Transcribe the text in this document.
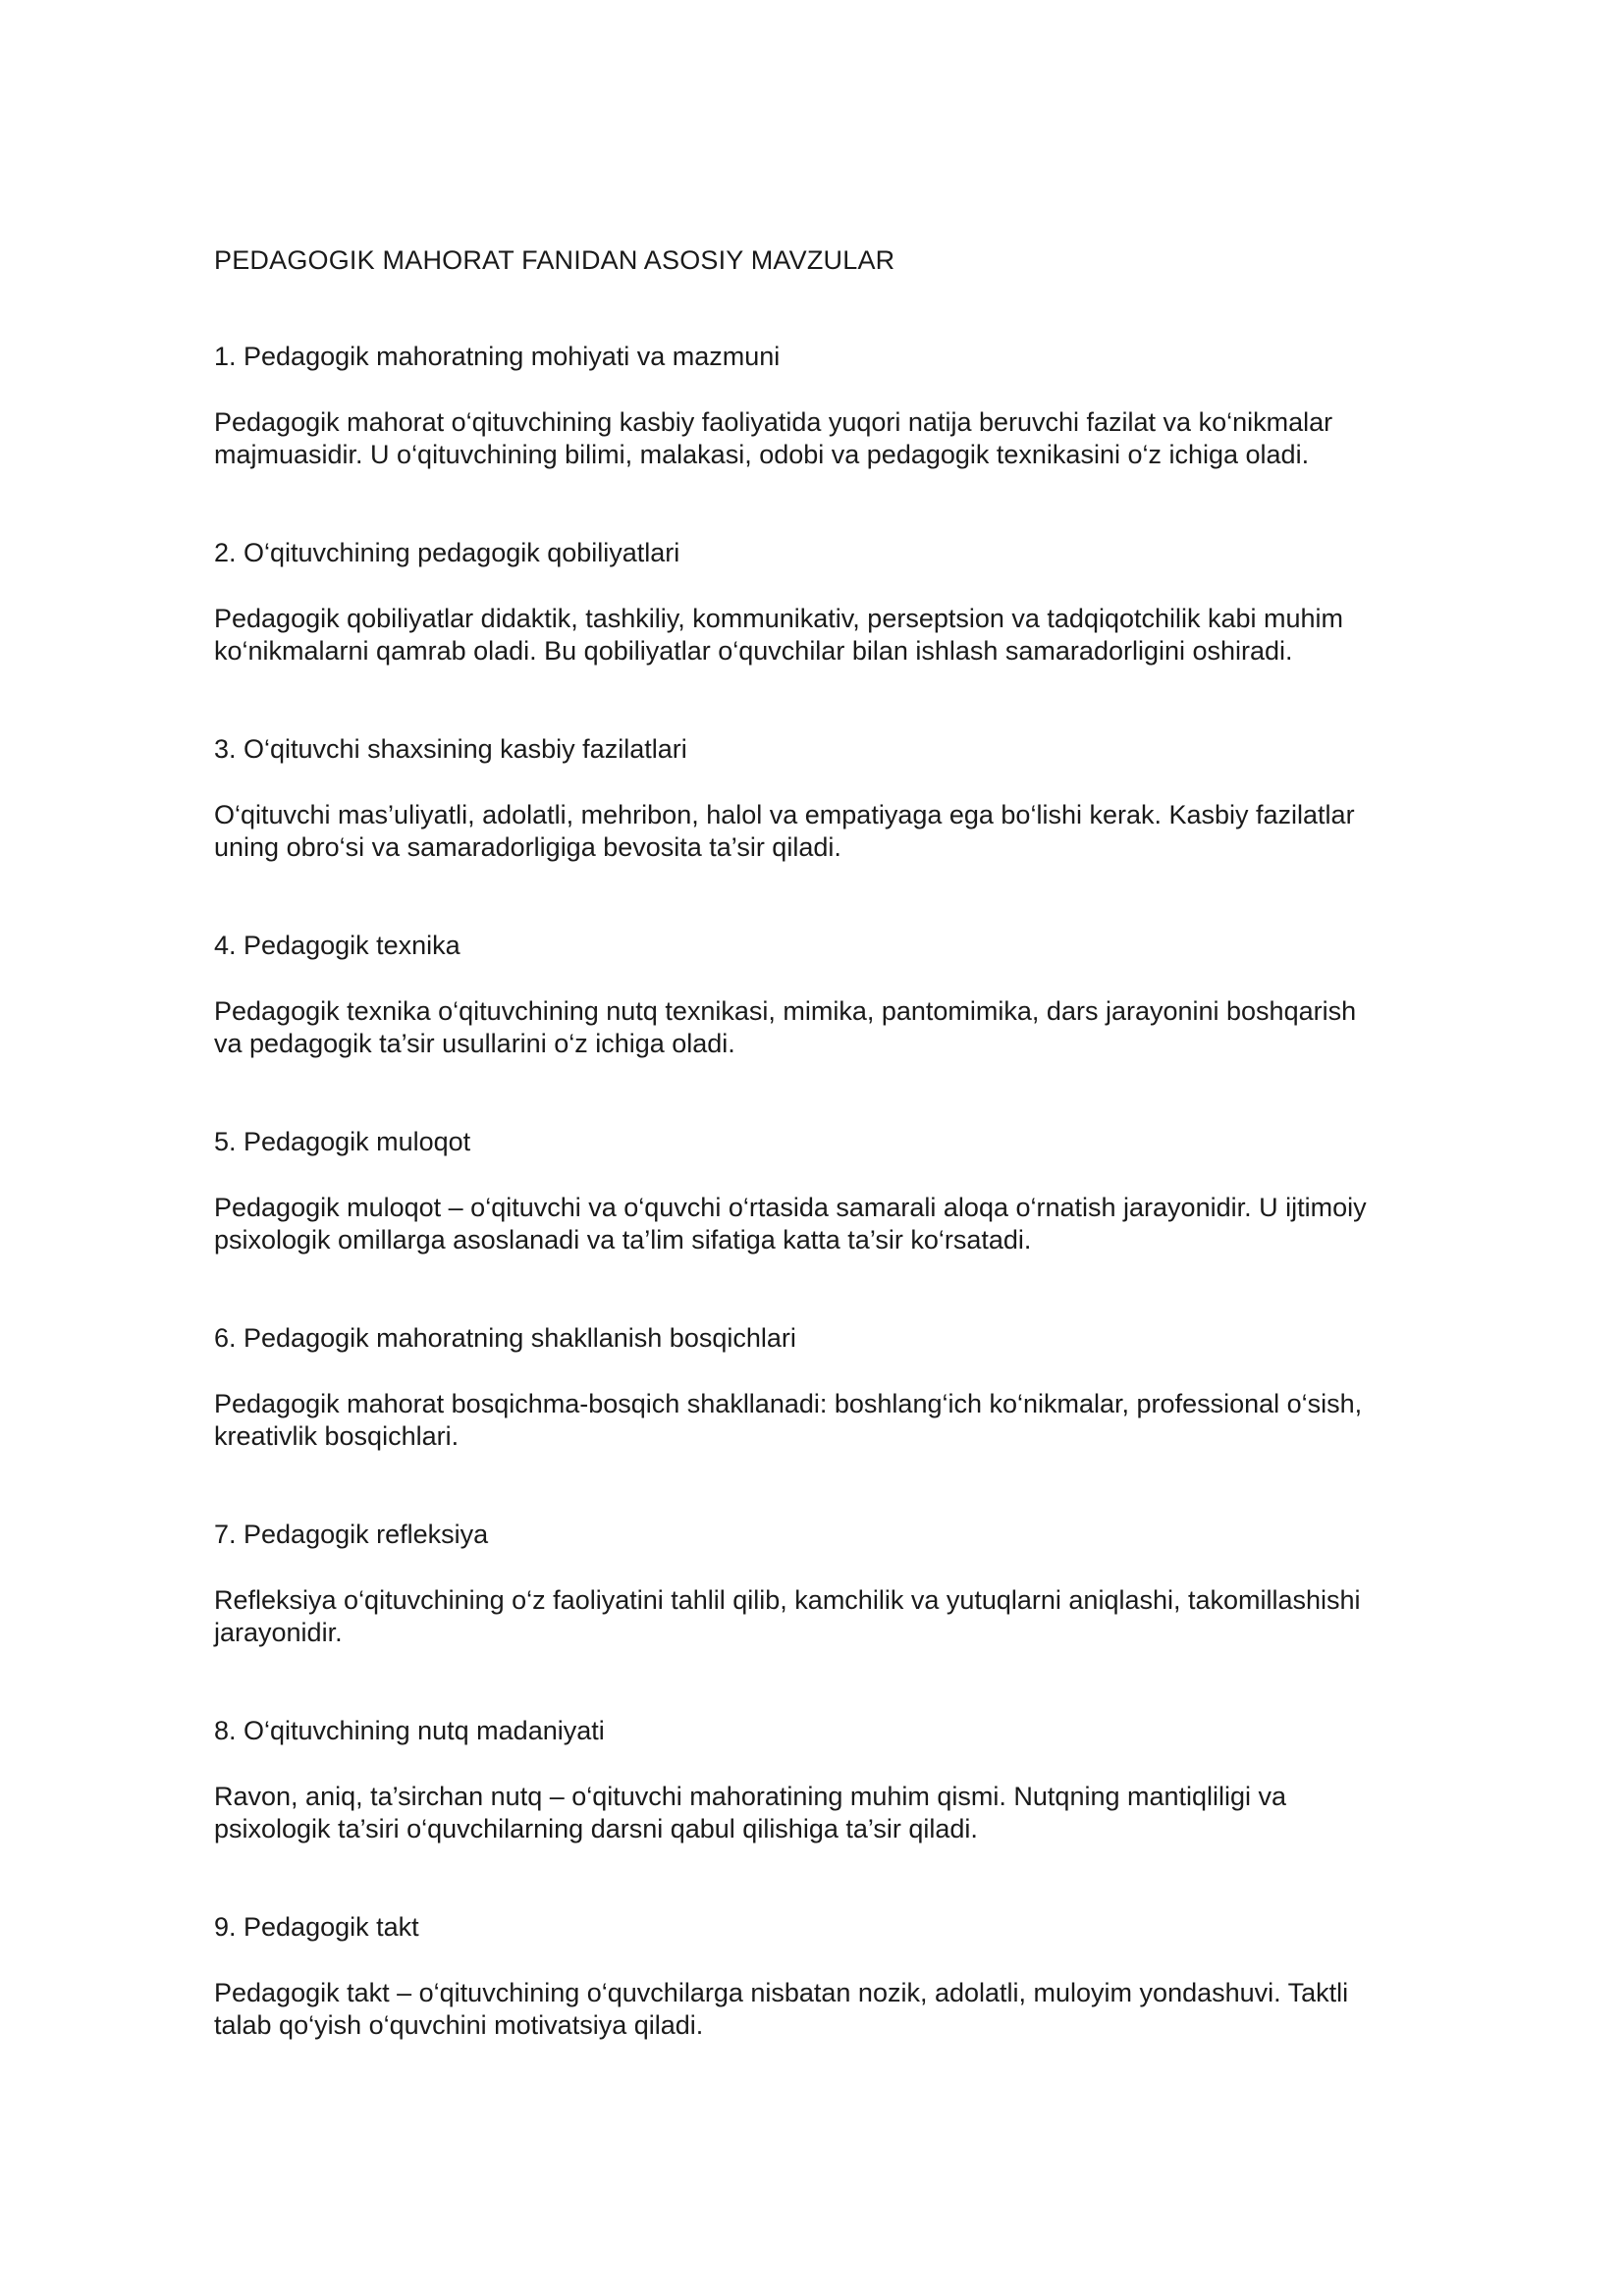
PEDAGOGIK MAHORAT FANIDAN ASOSIY MAVZULAR
1. Pedagogik mahoratning mohiyati va mazmuni
Pedagogik mahorat o‘qituvchining kasbiy faoliyatida yuqori natija beruvchi fazilat va ko‘nikmalar
majmuasidir. U o‘qituvchining bilimi, malakasi, odobi va pedagogik texnikasini o‘z ichiga oladi.
2. O‘qituvchining pedagogik qobiliyatlari
Pedagogik qobiliyatlar didaktik, tashkiliy, kommunikativ, perseptsion va tadqiqotchilik kabi muhim
ko‘nikmalarni qamrab oladi. Bu qobiliyatlar o‘quvchilar bilan ishlash samaradorligini oshiradi.
3. O‘qituvchi shaxsining kasbiy fazilatlari
O‘qituvchi mas’uliyatli, adolatli, mehribon, halol va empatiyaga ega bo‘lishi kerak. Kasbiy fazilatlar
uning obro‘si va samaradorligiga bevosita ta’sir qiladi.
4. Pedagogik texnika
Pedagogik texnika o‘qituvchining nutq texnikasi, mimika, pantomimika, dars jarayonini boshqarish
va pedagogik ta’sir usullarini o‘z ichiga oladi.
5. Pedagogik muloqot
Pedagogik muloqot – o‘qituvchi va o‘quvchi o‘rtasida samarali aloqa o‘rnatish jarayonidir. U ijtimoiy
psixologik omillarga asoslanadi va ta’lim sifatiga katta ta’sir ko‘rsatadi.
6. Pedagogik mahoratning shakllanish bosqichlari
Pedagogik mahorat bosqichma-bosqich shakllanadi: boshlang‘ich ko‘nikmalar, professional o‘sish,
kreativlik bosqichlari.
7. Pedagogik refleksiya
Refleksiya o‘qituvchining o‘z faoliyatini tahlil qilib, kamchilik va yutuqlarni aniqlashi, takomillashishi
jarayonidir.
8. O‘qituvchining nutq madaniyati
Ravon, aniq, ta’sirchan nutq – o‘qituvchi mahoratining muhim qismi. Nutqning mantiqliligi va
psixologik ta’siri o‘quvchilarning darsni qabul qilishiga ta’sir qiladi.
9. Pedagogik takt
Pedagogik takt – o‘qituvchining o‘quvchilarga nisbatan nozik, adolatli, muloyim yondashuvi. Taktli
talab qo‘yish o‘quvchini motivatsiya qiladi.
